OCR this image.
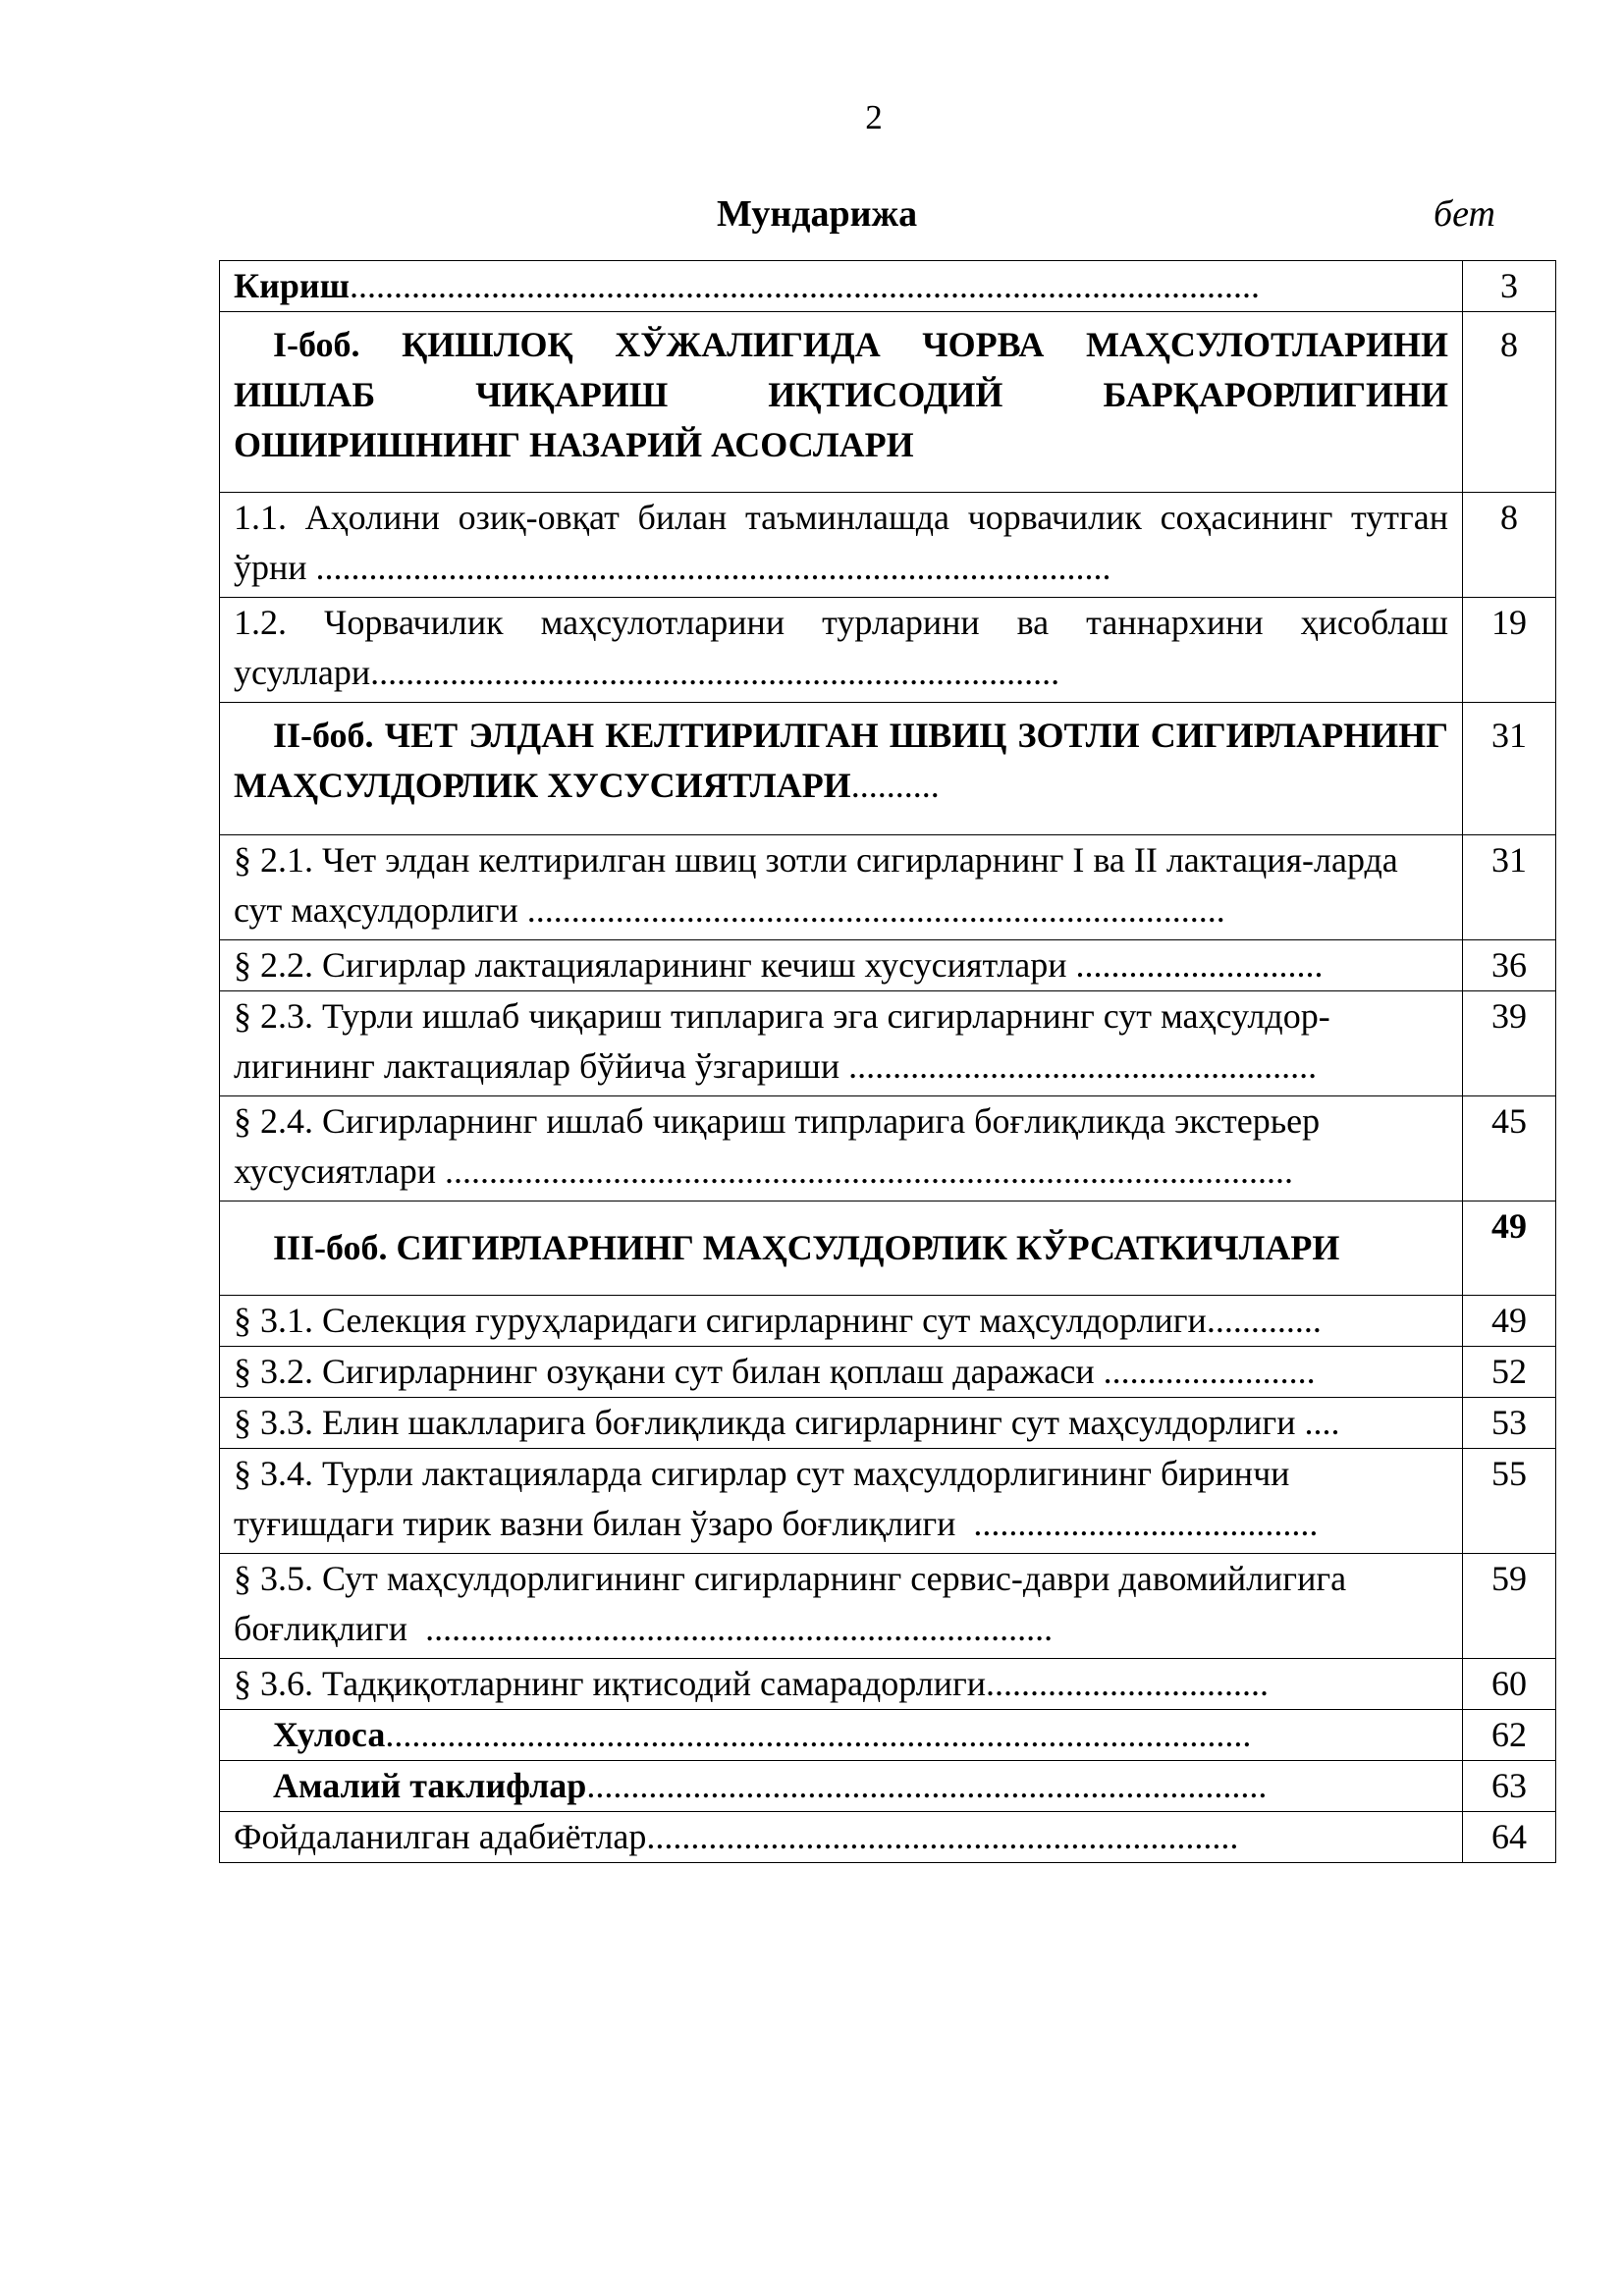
2
Мундарижа	бет
Кириш.......................................................................................................	3
I-боб. ҚИШЛОҚ ХЎЖАЛИГИДА ЧОРВА МАҲСУЛОТЛАРИНИ ИШЛАБ ЧИҚАРИШ ИҚТИСОДИЙ БАРҚАРОРЛИГИНИ ОШИРИШНИНГ НАЗАРИЙ АСОСЛАРИ	8
1.1. Аҳолини озиқ-овқат билан таъминлашда чорвачилик соҳасининг тутган ўрни ..........................................................................................	8
1.2. Чорвачилик маҳсулотларини турларини ва таннархини ҳисоблаш усуллари..............................................................................	19
II-боб. ЧЕТ ЭЛДАН КЕЛТИРИЛГАН ШВИЦ ЗОТЛИ СИГИРЛАРНИНГ МАҲСУЛДОРЛИК ХУСУСИЯТЛАРИ..........	31
§ 2.1. Чет элдан келтирилган швиц зотли сигирларнинг I ва II лактация-ларда сут маҳсулдорлиги ...............................................................................	31
§ 2.2. Сигирлар лактацияларининг кечиш хусусиятлари ............................	36
§ 2.3. Турли ишлаб чиқариш типларига эга сигирларнинг сут маҳсулдор-лигининг лактациялар бўйича ўзгариши .....................................................	39
§ 2.4. Сигирларнинг ишлаб чиқариш типрларига боғлиқликда экстерьер хусусиятлари ................................................................................................	45
III-боб. СИГИРЛАРНИНГ МАҲСУЛДОРЛИК КЎРСАТКИЧЛАРИ	49
§ 3.1. Селекция гуруҳларидаги сигирларнинг сут маҳсулдорлиги.............	49
§ 3.2. Сигирларнинг озуқани сут билан қоплаш даражаси ........................	52
§ 3.3. Елин шаклларига боғлиқликда сигирларнинг сут маҳсулдорлиги ....	53
§ 3.4. Турли лактацияларда сигирлар сут маҳсулдорлигининг биринчи туғишдаги тирик вазни билан ўзаро боғлиқлиги .......................................	55
§ 3.5. Сут маҳсулдорлигининг сигирларнинг сервис-даври давомийлигига боғлиқлиги .......................................................................	59
§ 3.6. Тадқиқотларнинг иқтисодий самарадорлиги................................	60
Хулоса..................................................................................................	62
Амалий таклифлар.............................................................................	63
Фойдаланилган адабиётлар...................................................................	64
